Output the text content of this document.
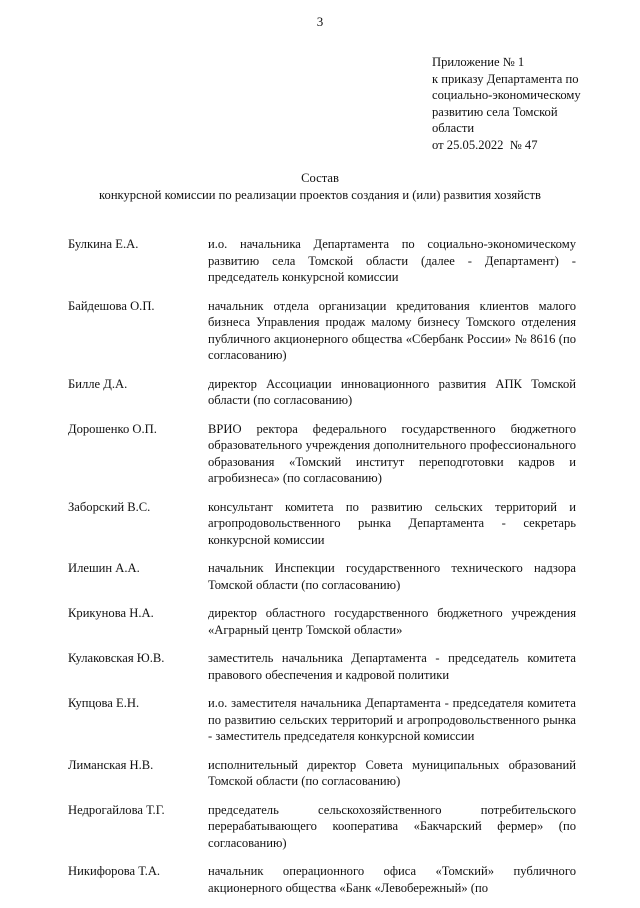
3
Приложение № 1
к приказу Департамента по
социально-экономическому
развитию села Томской
области
от 25.05.2022  № 47
Состав
конкурсной комиссии по реализации проектов создания и (или) развития хозяйств
Булкина Е.А.	и.о. начальника Департамента по социально-экономическому развитию села Томской области (далее - Департамент) - председатель конкурсной комиссии
Байдешова О.П.	начальник отдела организации кредитования клиентов малого бизнеса Управления продаж малому бизнесу Томского отделения публичного акционерного общества «Сбербанк России» № 8616 (по согласованию)
Билле Д.А.	директор Ассоциации инновационного развития АПК Томской области (по согласованию)
Дорошенко О.П.	ВРИО ректора федерального государственного бюджетного образовательного учреждения дополнительного профессионального образования «Томский институт переподготовки кадров и агробизнеса» (по согласованию)
Заборский В.С.	консультант комитета по развитию сельских территорий и агропродовольственного рынка Департамента - секретарь конкурсной комиссии
Илешин А.А.	начальник Инспекции государственного технического надзора Томской области (по согласованию)
Крикунова Н.А.	директор областного государственного бюджетного учреждения «Аграрный центр Томской области»
Кулаковская Ю.В.	заместитель начальника Департамента - председатель комитета правового обеспечения и кадровой политики
Купцова Е.Н.	и.о. заместителя начальника Департамента - председателя комитета по развитию сельских территорий и агропродовольственного рынка - заместитель председателя конкурсной комиссии
Лиманская Н.В.	исполнительный директор Совета муниципальных образований Томской области (по согласованию)
Недрогайлова Т.Г.	председатель сельскохозяйственного потребительского перерабатывающего кооператива «Бакчарский фермер» (по согласованию)
Никифорова Т.А.	начальник операционного офиса «Томский» публичного акционерного общества «Банк «Левобережный» (по
